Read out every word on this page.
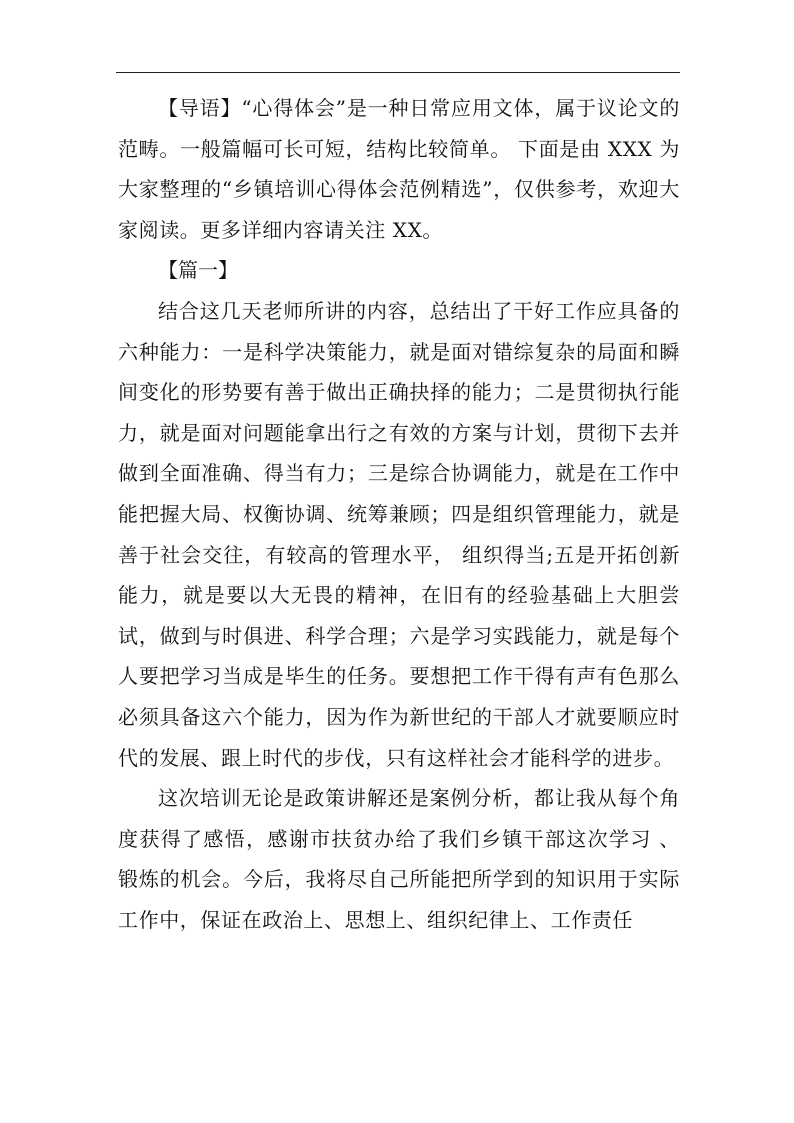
【导语】“心得体会”是一种日常应用文体，属于议论文的范畴。一般篇幅可长可短，结构比较简单。 下面是由 XXX 为大家整理的“乡镇培训心得体会范例精选”，仅供参考，欢迎大家阅读。更多详细内容请关注 XX。

【篇一】

结合这几天老师所讲的内容，总结出了干好工作应具备的六种能力：一是科学决策能力，就是面对错综复杂的局面和瞬间变化的形势要有善于做出正确抉择的能力；二是贯彻执行能力，就是面对问题能拿出行之有效的方案与计划，贯彻下去并做到全面准确、得当有力；三是综合协调能力，就是在工作中能把握大局、权衡协调、统筹兼顾；四是组织管理能力，就是善于社会交往，有较高的管理水平， 组织得当;五是开拓创新能力，就是要以大无畏的精神，在旧有的经验基础上大胆尝试，做到与时俱进、科学合理；六是学习实践能力，就是每个人要把学习当成是毕生的任务。要想把工作干得有声有色那么必须具备这六个能力，因为作为新世纪的干部人才就要顺应时代的发展、跟上时代的步伐，只有这样社会才能科学的进步。

这次培训无论是政策讲解还是案例分析，都让我从每个角度获得了感悟，感谢市扶贫办给了我们乡镇干部这次学习 、锻炼的机会。今后，我将尽自己所能把所学到的知识用于实际工作中，保证在政治上、思想上、组织纪律上、工作责任
